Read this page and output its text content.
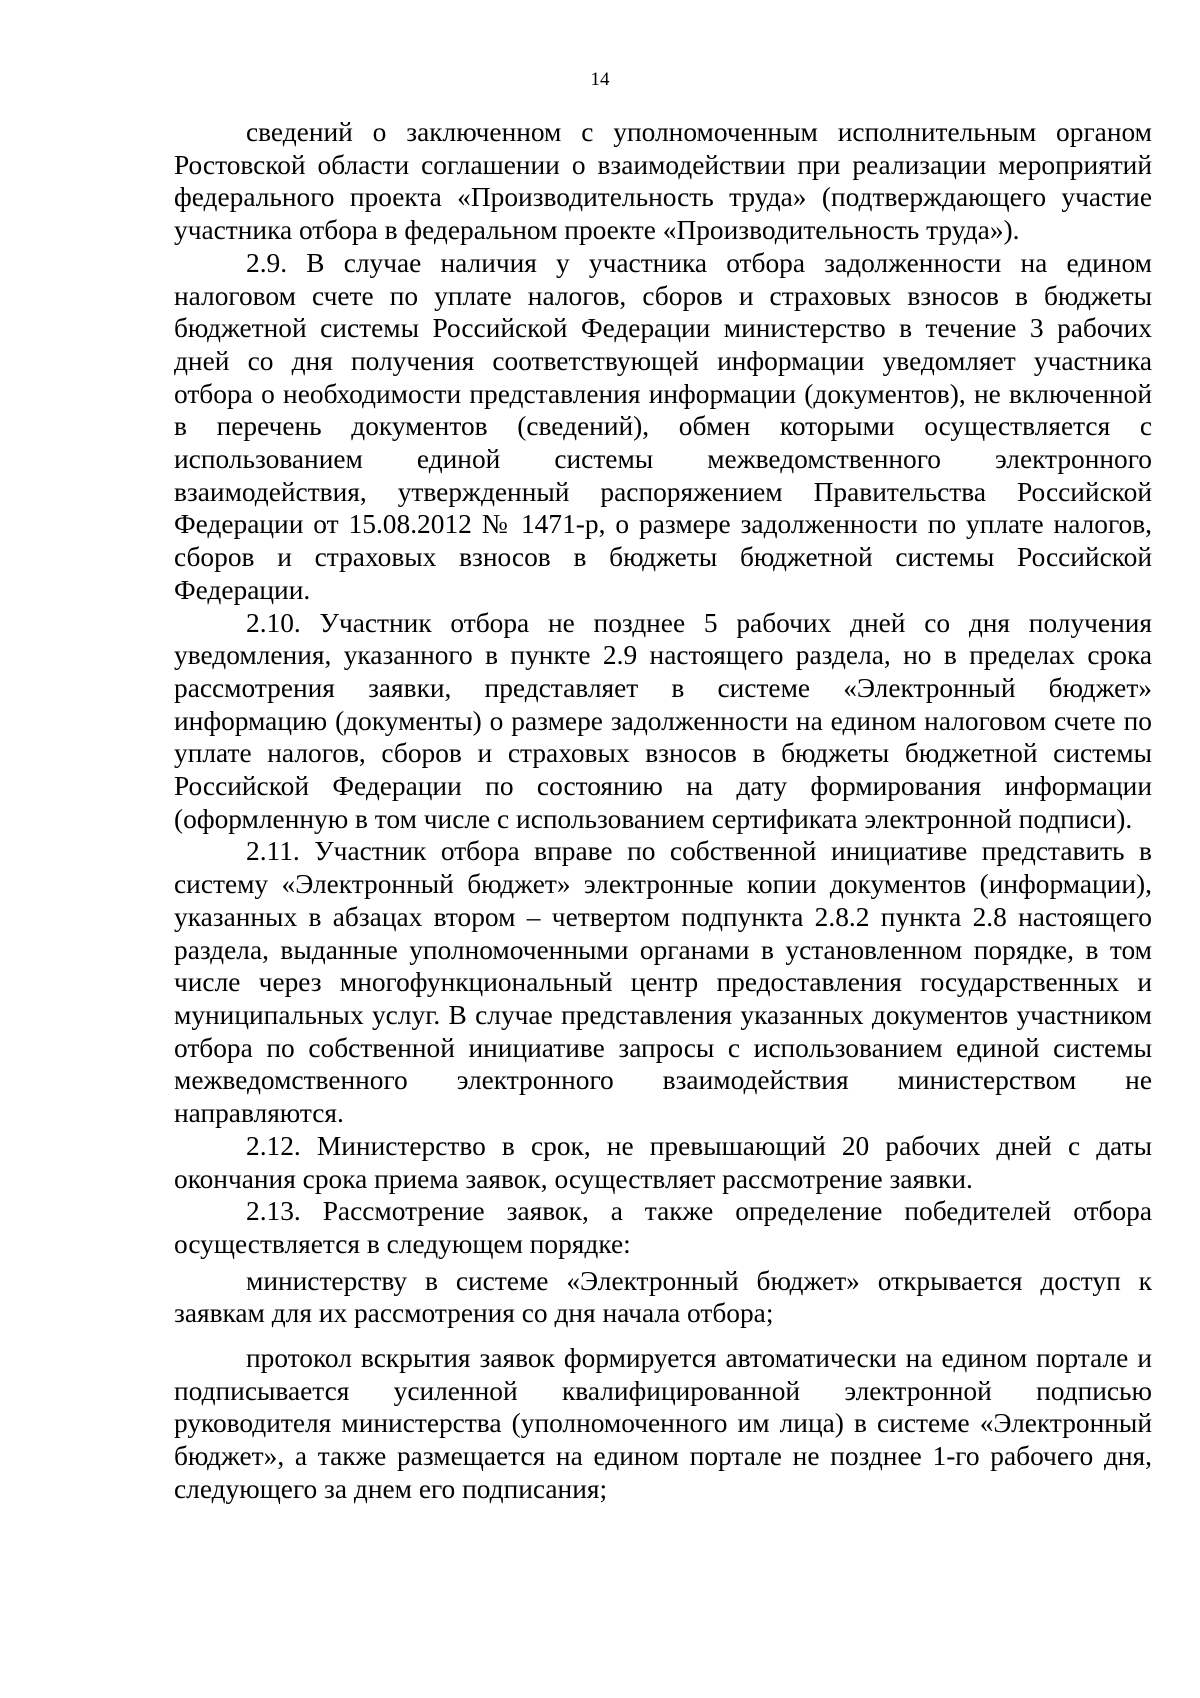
14

сведений о заключенном с уполномоченным исполнительным органом Ростовской области соглашении о взаимодействии при реализации мероприятий федерального проекта «Производительность труда» (подтверждающего участие участника отбора в федеральном проекте «Производительность труда»).

2.9. В случае наличия у участника отбора задолженности на едином налоговом счете по уплате налогов, сборов и страховых взносов в бюджеты бюджетной системы Российской Федерации министерство в течение 3 рабочих дней со дня получения соответствующей информации уведомляет участника отбора о необходимости представления информации (документов), не включенной в перечень документов (сведений), обмен которыми осуществляется с использованием единой системы межведомственного электронного взаимодействия, утвержденный распоряжением Правительства Российской Федерации от 15.08.2012 № 1471-р, о размере задолженности по уплате налогов, сборов и страховых взносов в бюджеты бюджетной системы Российской Федерации.

2.10. Участник отбора не позднее 5 рабочих дней со дня получения уведомления, указанного в пункте 2.9 настоящего раздела, но в пределах срока рассмотрения заявки, представляет в системе «Электронный бюджет» информацию (документы) о размере задолженности на едином налоговом счете по уплате налогов, сборов и страховых взносов в бюджеты бюджетной системы Российской Федерации по состоянию на дату формирования информации (оформленную в том числе с использованием сертификата электронной подписи).

2.11. Участник отбора вправе по собственной инициативе представить в систему «Электронный бюджет» электронные копии документов (информации), указанных в абзацах втором – четвертом подпункта 2.8.2 пункта 2.8 настоящего раздела, выданные уполномоченными органами в установленном порядке, в том числе через многофункциональный центр предоставления государственных и муниципальных услуг. В случае представления указанных документов участником отбора по собственной инициативе запросы с использованием единой системы межведомственного электронного взаимодействия министерством не направляются.

2.12. Министерство в срок, не превышающий 20 рабочих дней с даты окончания срока приема заявок, осуществляет рассмотрение заявки.

2.13. Рассмотрение заявок, а также определение победителей отбора осуществляется в следующем порядке:

министерству в системе «Электронный бюджет» открывается доступ к заявкам для их рассмотрения со дня начала отбора;

протокол вскрытия заявок формируется автоматически на едином портале и подписывается усиленной квалифицированной электронной подписью руководителя министерства (уполномоченного им лица) в системе «Электронный бюджет», а также размещается на едином портале не позднее 1-го рабочего дня, следующего за днем его подписания;
